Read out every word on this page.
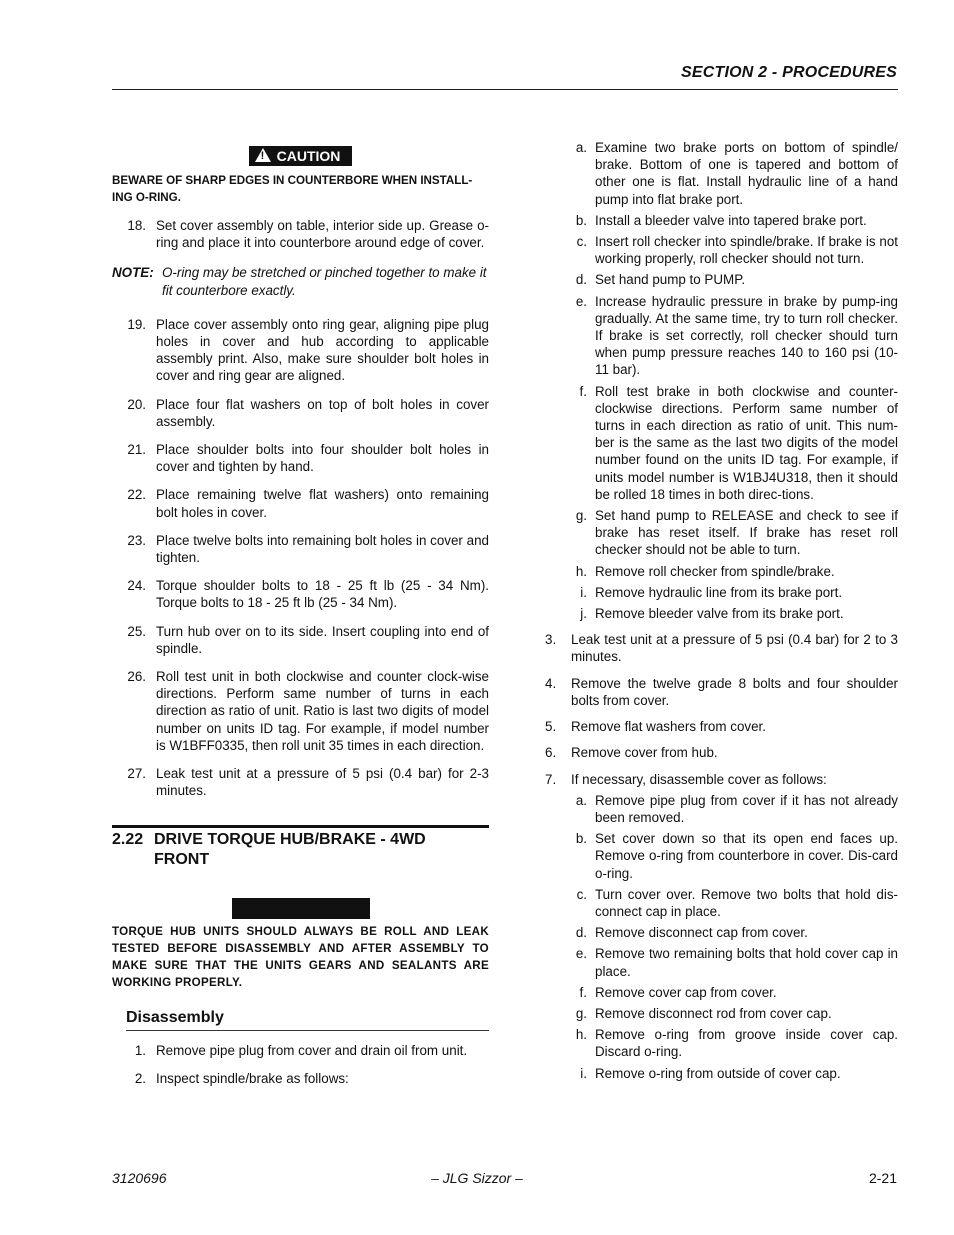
SECTION 2 - PROCEDURES
! CAUTION
BEWARE OF SHARP EDGES IN COUNTERBORE WHEN INSTALL-ING O-RING.
18. Set cover assembly on table, interior side up. Grease o-ring and place it into counterbore around edge of cover.
NOTE: O-ring may be stretched or pinched together to make it fit counterbore exactly.
19. Place cover assembly onto ring gear, aligning pipe plug holes in cover and hub according to applicable assembly print. Also, make sure shoulder bolt holes in cover and ring gear are aligned.
20. Place four flat washers on top of bolt holes in cover assembly.
21. Place shoulder bolts into four shoulder bolt holes in cover and tighten by hand.
22. Place remaining twelve flat washers) onto remaining bolt holes in cover.
23. Place twelve bolts into remaining bolt holes in cover and tighten.
24. Torque shoulder bolts to 18 - 25 ft lb (25 - 34 Nm). Torque bolts to 18 - 25 ft lb (25 - 34 Nm).
25. Turn hub over on to its side. Insert coupling into end of spindle.
26. Roll test unit in both clockwise and counter clock-wise directions. Perform same number of turns in each direction as ratio of unit. Ratio is last two digits of model number on units ID tag. For example, if model number is W1BFF0335, then roll unit 35 times in each direction.
27. Leak test unit at a pressure of 5 psi (0.4 bar) for 2-3 minutes.
2.22 DRIVE TORQUE HUB/BRAKE - 4WD FRONT
TORQUE HUB UNITS SHOULD ALWAYS BE ROLL AND LEAK TESTED BEFORE DISASSEMBLY AND AFTER ASSEMBLY TO MAKE SURE THAT THE UNITS GEARS AND SEALANTS ARE WORKING PROPERLY.
Disassembly
1. Remove pipe plug from cover and drain oil from unit.
2. Inspect spindle/brake as follows:
a. Examine two brake ports on bottom of spindle/ brake. Bottom of one is tapered and bottom of other one is flat. Install hydraulic line of a hand pump into flat brake port.
b. Install a bleeder valve into tapered brake port.
c. Insert roll checker into spindle/brake. If brake is not working properly, roll checker should not turn.
d. Set hand pump to PUMP.
e. Increase hydraulic pressure in brake by pump-ing gradually. At the same time, try to turn roll checker. If brake is set correctly, roll checker should turn when pump pressure reaches 140 to 160 psi (10-11 bar).
f. Roll test brake in both clockwise and counter-clockwise directions. Perform same number of turns in each direction as ratio of unit. This num-ber is the same as the last two digits of the model number found on the units ID tag. For example, if units model number is W1BJ4U318, then it should be rolled 18 times in both direc-tions.
g. Set hand pump to RELEASE and check to see if brake has reset itself. If brake has reset roll checker should not be able to turn.
h. Remove roll checker from spindle/brake.
i. Remove hydraulic line from its brake port.
j. Remove bleeder valve from its brake port.
3.	Leak test unit at a pressure of 5 psi (0.4 bar) for 2 to 3 minutes.
4.	Remove the twelve grade 8 bolts and four shoulder bolts from cover.
5.	Remove flat washers from cover.
6.	Remove cover from hub.
7.	If necessary, disassemble cover as follows:
a. Remove pipe plug from cover if it has not already been removed.
b. Set cover down so that its open end faces up. Remove o-ring from counterbore in cover. Dis-card o-ring.
c. Turn cover over. Remove two bolts that hold dis-connect cap in place.
d. Remove disconnect cap from cover.
e. Remove two remaining bolts that hold cover cap in place.
f. Remove cover cap from cover.
g. Remove disconnect rod from cover cap.
h. Remove o-ring from groove inside cover cap. Discard o-ring.
i. Remove o-ring from outside of cover cap.
3120696	– JLG Sizzor –	2-21
